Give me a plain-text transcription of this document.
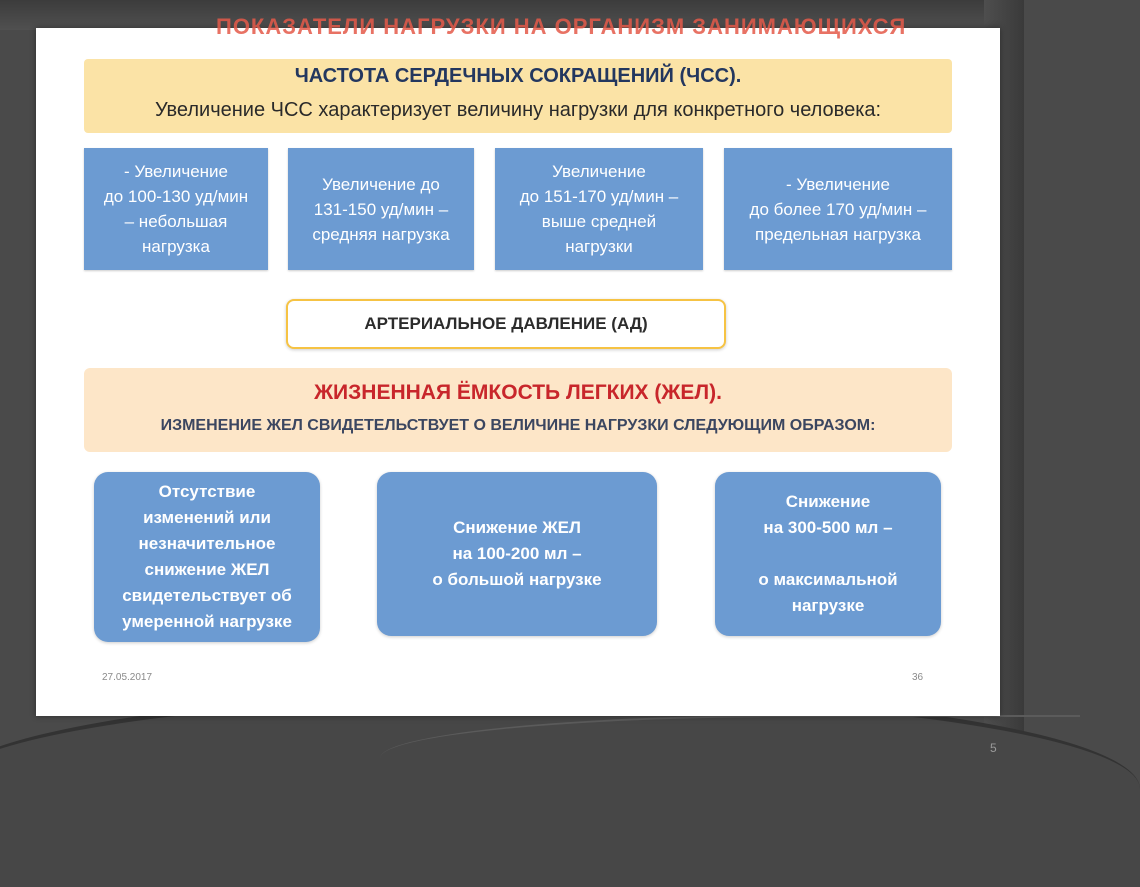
ПОКАЗАТЕЛИ НАГРУЗКИ НА ОРГАНИЗМ ЗАНИМАЮЩИХСЯ
ЧАСТОТА СЕРДЕЧНЫХ СОКРАЩЕНИЙ (ЧСС).
Увеличение ЧСС характеризует величину нагрузки для конкретного человека:
- Увеличение
до 100-130 уд/мин
– небольшая
нагрузка
Увеличение до
131-150 уд/мин –
средняя нагрузка
Увеличение
до 151-170 уд/мин –
выше средней
нагрузки
- Увеличение
до более 170 уд/мин –
предельная нагрузка
АРТЕРИАЛЬНОЕ ДАВЛЕНИЕ (АД)
ЖИЗНЕННАЯ ЁМКОСТЬ ЛЕГКИХ (ЖЕЛ).
ИЗМЕНЕНИЕ ЖЕЛ СВИДЕТЕЛЬСТВУЕТ О ВЕЛИЧИНЕ НАГРУЗКИ СЛЕДУЮЩИМ ОБРАЗОМ:
Отсутствие
изменений или
незначительное
снижение ЖЕЛ
свидетельствует об
умеренной нагрузке
Снижение ЖЕЛ
на 100-200 мл –
о большой нагрузке
Снижение
на 300-500 мл –

о максимальной
нагрузке
27.05.2017	36
5
